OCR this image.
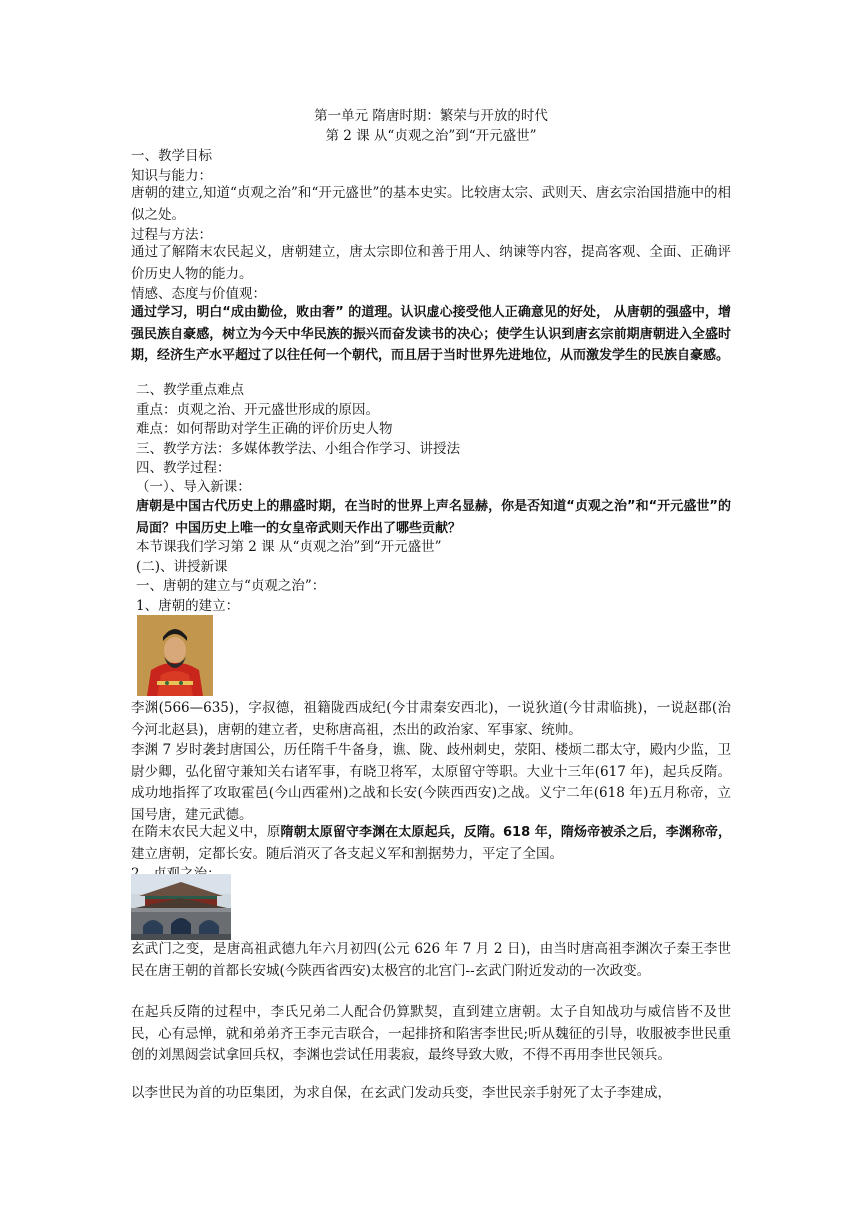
第一单元 隋唐时期：繁荣与开放的时代
第 2 课 从“贞观之治”到“开元盛世”
一、教学目标
知识与能力：
唐朝的建立,知道“贞观之治”和“开元盛世”的基本史实。比较唐太宗、武则天、唐玄宗治国措施中的相似之处。
过程与方法：
通过了解隋末农民起义，唐朝建立，唐太宗即位和善于用人、纳谏等内容，提高客观、全面、正确评价历史人物的能力。
情感、态度与价值观：
通过学习，明白“成由勤俭，败由奢” 的道理。认识虚心接受他人正确意见的好处， 从唐朝的强盛中，增强民族自豪感，树立为今天中华民族的振兴而奋发读书的决心；使学生认识到唐玄宗前期唐朝进入全盛时期，经济生产水平超过了以往任何一个朝代，而且居于当时世界先进地位，从而激发学生的民族自豪感。
二、教学重点难点
重点：贞观之治、开元盛世形成的原因。
难点：如何帮助对学生正确的评价历史人物
三、教学方法：多媒体教学法、小组合作学习、讲授法
四、教学过程：
（一）、导入新课：
唐朝是中国古代历史上的鼎盛时期，在当时的世界上声名显赫，你是否知道“贞观之治”和“开元盛世”的局面？中国历史上唯一的女皇帝武则天作出了哪些贡献？
本节课我们学习第 2 课 从“贞观之治”到“开元盛世”
(二)、讲授新课
一、唐朝的建立与“贞观之治”：
1、唐朝的建立：
李渊(566—635)，字叔德，祖籍陇西成纪(今甘肃秦安西北)，一说狄道(今甘肃临挑)，一说赵郡(治今河北赵县)，唐朝的建立者，史称唐高祖，杰出的政治家、军事家、统帅。
李渊 7 岁时袭封唐国公，历任隋千牛备身，谯、陇、歧州刺史，荥阳、楼烦二郡太守，殿内少监，卫尉少卿，弘化留守兼知关右诸军事，有晓卫将军，太原留守等职。大业十三年(617 年)，起兵反隋。成功地指挥了攻取霍邑(今山西霍州)之战和长安(今陕西西安)之战。义宁二年(618 年)五月称帝，立国号唐，建元武德。
在隋末农民大起义中，原隋朝太原留守李渊在太原起兵，反隋。618 年，隋炀帝被杀之后，李渊称帝，建立唐朝，定都长安。随后消灭了各支起义军和割据势力，平定了全国。
玄武门之变，是唐高祖武德九年六月初四(公元 626 年 7 月 2 日)，由当时唐高祖李渊次子秦王李世民在唐王朝的首都长安城(今陕西省西安)太极宫的北宫门--玄武门附近发动的一次政变。
在起兵反隋的过程中，李氏兄弟二人配合仍算默契，直到建立唐朝。太子自知战功与威信皆不及世民，心有忌惮，就和弟弟齐王李元吉联合，一起排挤和陷害李世民;听从魏征的引导，收服被李世民重创的刘黑闼尝试拿回兵权，李渊也尝试任用裴寂，最终导致大败，不得不再用李世民领兵。
以李世民为首的功臣集团，为求自保，在玄武门发动兵变，李世民亲手射死了太子李建成，
